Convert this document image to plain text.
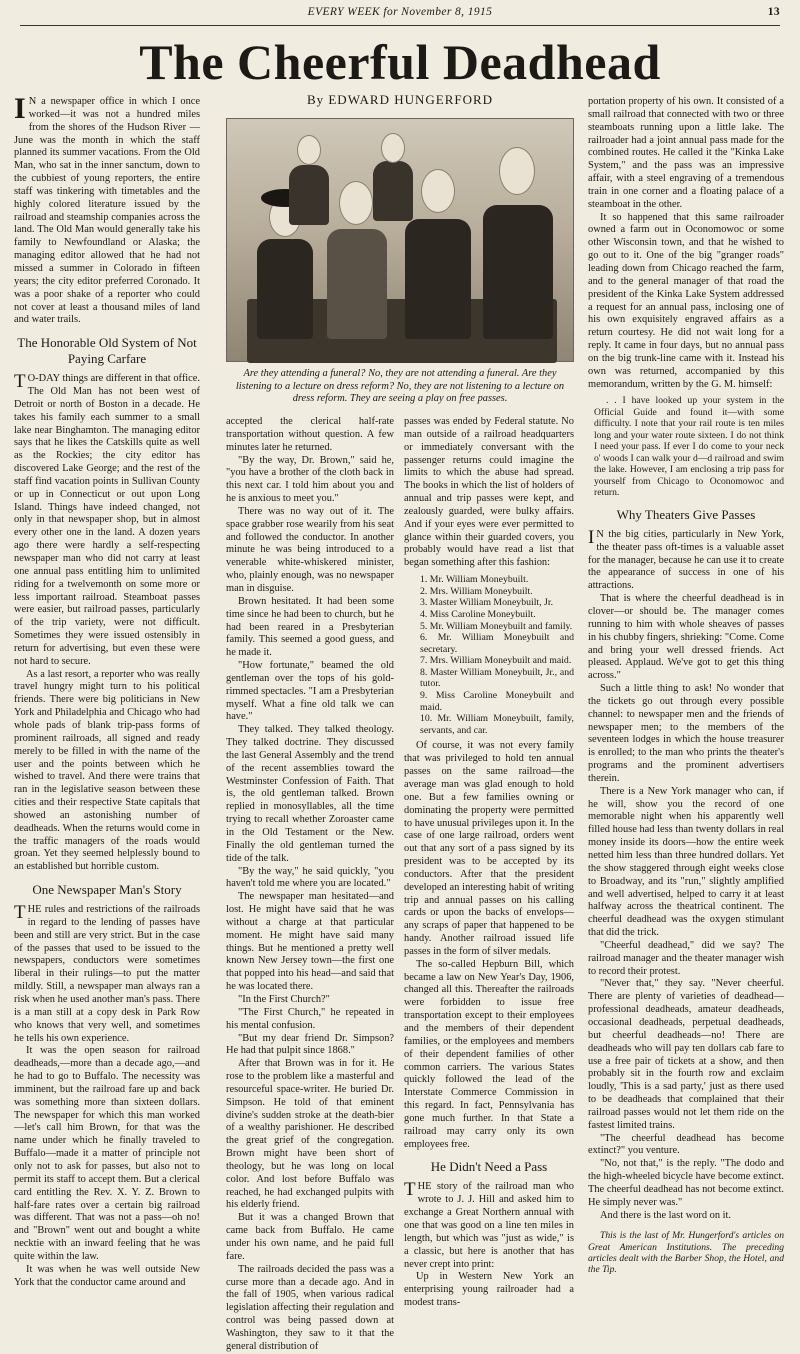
EVERY WEEK for November 8, 1915	13
The Cheerful Deadhead
By EDWARD HUNGERFORD

I N a newspaper office in which I once worked—it was not a hundred miles from the shores of the Hudson River —June was the month in which the staff planned its summer vacations. From the Old Man, who sat in the inner sanctum, down to the cubbiest of young reporters, the entire staff was tinkering with timetables and the highly colored literature issued by the railroad and steamship companies across the land. The Old Man would generally take his family to Newfoundland or Alaska; the managing editor allowed that he had not missed a summer in Colorado in fifteen years; the city editor preferred Coronado. It was a poor shake of a reporter who could not cover at least a thousand miles of land and water trails.

The Honorable Old System of Not Paying Carfare

T O-DAY things are different in that office. The Old Man has not been west of Detroit or north of Boston in a decade. He takes his family each summer to a small lake near Binghamton. The managing editor says that he likes the Catskills quite as well as the Rockies; the city editor has discovered Lake George; and the rest of the staff find vacation points in Sullivan County or up in Connecticut or out upon Long Island. Things have indeed changed, not only in that newspaper shop, but in almost every other one in the land. A dozen years ago there were hardly a self-respecting newspaper man who did not carry at least one annual pass entitling him to unlimited riding for a twelvemonth on some more or less important railroad. Steamboat passes were easier, but railroad passes, particularly of the trip variety, were not difficult. Sometimes they were issued ostensibly in return for advertising, but even these were not hard to secure.

As a last resort, a reporter who was really travel hungry might turn to his political friends. There were big politicians in New York and Philadelphia and Chicago who had whole pads of blank trip-pass forms of prominent railroads, all signed and ready merely to be filled in with the name of the user and the points between which he wished to travel. And there were trains that ran in the legislative season between these cities and their respective State capitals that showed an astonishing number of deadheads. When the returns would come in the traffic managers of the roads would groan. Yet they seemed helplessly bound to an established but horrible custom.

One Newspaper Man's Story

THE rules and restrictions of the railroads in regard to the lending of passes have been and still are very strict. But in the case of the passes that used to be issued to the newspapers, conductors were sometimes liberal in their rulings—to put the matter mildly. Still, a newspaper man always ran a risk when he used another man's pass. There is a man still at a copy desk in Park Row who knows that very well, and sometimes he tells his own experience.

It was the open season for railroad deadheads,—more than a decade ago,—and he had to go to Buffalo. The necessity was imminent, but the railroad fare up and back was something more than sixteen dollars. The newspaper for which this man worked—let's call him Brown, for that was the name under which he finally traveled to Buffalo—made it a matter of principle not only not to ask for passes, but also not to permit its staff to accept them. But a clerical card entitling the Rev. X. Y. Z. Brown to half-fare rates over a certain big railroad was different. That was not a pass—oh no! and "Brown" went out and bought a white necktie with an inward feeling that he was quite within the law.

It was when he was well outside New York that the conductor came around and

Are they attending a funeral? No, they are not attending a funeral. Are they listening to a lecture on dress reform? No, they are not listening to a lecture on dress reform. They are seeing a play on free passes.

accepted the clerical half-rate transportation without question. A few minutes later he returned.

"By the way, Dr. Brown," said he, "you have a brother of the cloth back in this next car. I told him about you and he is anxious to meet you."

There was no way out of it. The space grabber rose wearily from his seat and followed the conductor. In another minute he was being introduced to a venerable white-whiskered minister, who, plainly enough, was no newspaper man in disguise.

Brown hesitated. It had been some time since he had been to church, but he had been reared in a Presbyterian family. This seemed a good guess, and he made it.

"How fortunate," beamed the old gentleman over the tops of his gold-rimmed spectacles. "I am a Presbyterian myself. What a fine old talk we can have."

They talked. They talked theology. They talked doctrine. They discussed the last General Assembly and the trend of the recent assemblies toward the Westminster Confession of Faith. That is, the old gentleman talked. Brown replied in monosyllables, all the time trying to recall whether Zoroaster came in the Old Testament or the New. Finally the old gentleman turned the tide of the talk.

"By the way," he said quickly, "you haven't told me where you are located."

The newspaper man hesitated—and lost. He might have said that he was without a charge at that particular moment. He might have said many things. But he mentioned a pretty well known New Jersey town—the first one that popped into his head—and said that he was located there.

"In the First Church?"

"The First Church," he repeated in his mental confusion.

"But my dear friend Dr. Simpson? He had that pulpit since 1868."

After that Brown was in for it. He rose to the problem like a masterful and resourceful space-writer. He buried Dr. Simpson. He told of that eminent divine's sudden stroke at the death-bier of a wealthy parishioner. He described the great grief of the congregation. Brown might have been short of theology, but he was long on local color. And lost before Buffalo was reached, he had exchanged pulpits with his elderly friend.

But it was a changed Brown that came back from Buffalo. He came under his own name, and he paid full fare.

The railroads decided the pass was a curse more than a decade ago. And in the fall of 1905, when various radical legislation affecting their regulation and control was being passed down at Washington, they saw to it that the general distribution of

passes was ended by Federal statute. No man outside of a railroad headquarters or immediately conversant with the passenger returns could imagine the limits to which the abuse had spread. The books in which the list of holders of annual and trip passes were kept, and zealously guarded, were bulky affairs. And if your eyes were ever permitted to glance within their guarded covers, you probably would have read a list that began something after this fashion:

1. Mr. William Moneybuilt.
2. Mrs. William Moneybuilt.
3. Master William Moneybuilt, Jr.
4. Miss Caroline Moneybuilt.
5. Mr. William Moneybuilt and family.
6. Mr. William Moneybuilt and secretary.
7. Mrs. William Moneybuilt and maid.
8. Master William Moneybuilt, Jr., and tutor.
9. Miss Caroline Moneybuilt and maid.
10. Mr. William Moneybuilt, family, servants, and car.

Of course, it was not every family that was privileged to hold ten annual passes on the same railroad—the average man was glad enough to hold one. But a few families owning or dominating the property were permitted to have unusual privileges upon it. In the case of one large railroad, orders went out that any sort of a pass signed by its president was to be accepted by its conductors. After that the president developed an interesting habit of writing trip and annual passes on his calling cards or upon the backs of envelops—any scraps of paper that happened to be handy. Another railroad issued life passes in the form of silver medals.

The so-called Hepburn Bill, which became a law on New Year's Day, 1906, changed all this. Thereafter the railroads were forbidden to issue free transportation except to their employees and the members of their dependent families, or the employees and members of their dependent families of other common carriers. The various States quickly followed the lead of the Interstate Commerce Commission in this regard. In fact, Pennsylvania has gone much further. In that State a railroad may carry only its own employees free.

He Didn't Need a Pass

THE story of the railroad man who wrote to J. J. Hill and asked him to exchange a Great Northern annual with one that was good on a line ten miles in length, but which was "just as wide," is a classic, but here is another that has never crept into print:

Up in Western New York an enterprising young railroader had a modest trans-

portation property of his own. It consisted of a small railroad that connected with two or three steamboats running upon a little lake. The railroader had a joint annual pass made for the combined routes. He called it the "Kinka Lake System," and the pass was an impressive affair, with a steel engraving of a tremendous train in one corner and a floating palace of a steamboat in the other.

It so happened that this same railroader owned a farm out in Oconomowoc or some other Wisconsin town, and that he wished to go out to it. One of the big "granger roads" leading down from Chicago reached the farm, and to the general manager of that road the president of the Kinka Lake System addressed a request for an annual pass, inclosing one of his own exquisitely engraved affairs as a return courtesy. He did not wait long for a reply. It came in four days, but no annual pass on the big trunk-line came with it. Instead his own was returned, accompanied by this memorandum, written by the G. M. himself:

. . I have looked up your system in the Official Guide and found it—with some difficulty. I note that your rail route is ten miles long and your water route sixteen. I do not think I need your pass. If ever I do come to your neck o' woods I can walk your d—d railroad and swim the lake. However, I am enclosing a trip pass for yourself from Chicago to Oconomowoc and return.

Why Theaters Give Passes

I N the big cities, particularly in New York, the theater pass oft-times is a valuable asset for the manager, because he can use it to create the appearance of success in one of his attractions.

That is where the cheerful deadhead is in clover—or should be. The manager comes running to him with whole sheaves of passes in his chubby fingers, shrieking: "Come. Come and bring your well dressed friends. Act pleased. Applaud. We've got to get this thing across."

Such a little thing to ask! No wonder that the tickets go out through every possible channel: to newspaper men and the friends of newspaper men; to the members of the seventeen lodges in which the house treasurer is enrolled; to the man who prints the theater's programs and the prominent advertisers therein.

There is a New York manager who can, if he will, show you the record of one memorable night when his apparently well filled house had less than twenty dollars in real money inside its doors—how the entire week netted him less than three hundred dollars. Yet the show staggered through eight weeks close to Broadway, and its "run," slightly amplified and well advertised, helped to carry it at least halfway across the theatrical continent. The cheerful deadhead was the oxygen stimulant that did the trick.

"Cheerful deadhead," did we say? The railroad manager and the theater manager wish to record their protest.

"Never that," they say. "Never cheerful. There are plenty of varieties of deadhead—professional deadheads, amateur deadheads, occasional deadheads, perpetual deadheads, but cheerful deadheads—no! There are deadheads who will pay ten dollars cab fare to use a free pair of tickets at a show, and then probably sit in the fourth row and exclaim loudly, 'This is a sad party,' just as there used to be deadheads that complained that their railroad passes would not let them ride on the fastest limited trains.

"The cheerful deadhead has become extinct?" you venture.

"No, not that," is the reply. "The dodo and the high-wheeled bicycle have become extinct. The cheerful deadhead has not become extinct. He simply never was."

And there is the last word on it.

This is the last of Mr. Hungerford's articles on Great American Institutions. The preceding articles dealt with the Barber Shop, the Hotel, and the Tip.
